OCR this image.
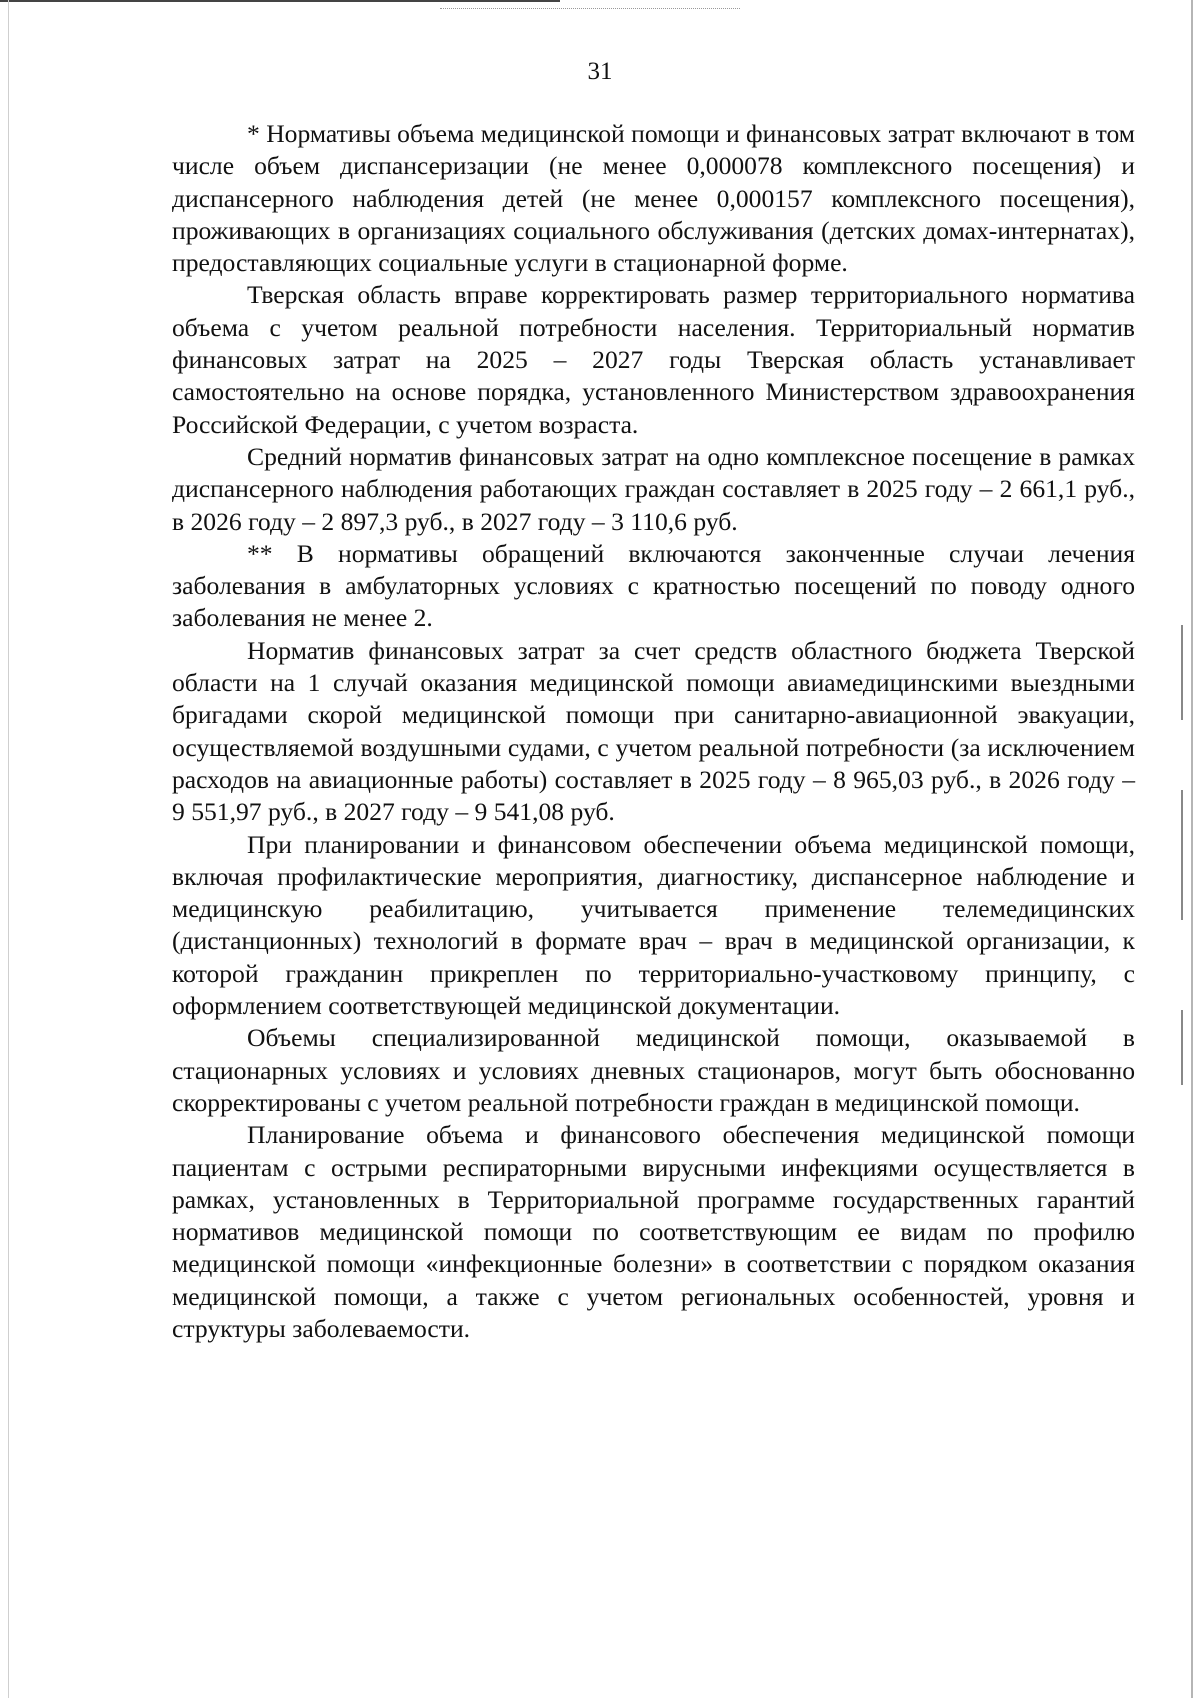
31

* Нормативы объема медицинской помощи и финансовых затрат включают в том числе объем диспансеризации (не менее 0,000078 комплексного посещения) и диспансерного наблюдения детей (не менее 0,000157 комплексного посещения), проживающих в организациях социального обслуживания (детских домах-интернатах), предоставляющих социальные услуги в стационарной форме.

Тверская область вправе корректировать размер территориального норматива объема с учетом реальной потребности населения. Территориальный норматив финансовых затрат на 2025 – 2027 годы Тверская область устанавливает самостоятельно на основе порядка, установленного Министерством здравоохранения Российской Федерации, с учетом возраста.

Средний норматив финансовых затрат на одно комплексное посещение в рамках диспансерного наблюдения работающих граждан составляет в 2025 году – 2 661,1 руб., в 2026 году – 2 897,3 руб., в 2027 году – 3 110,6 руб.

** В нормативы обращений включаются законченные случаи лечения заболевания в амбулаторных условиях с кратностью посещений по поводу одного заболевания не менее 2.

Норматив финансовых затрат за счет средств областного бюджета Тверской области на 1 случай оказания медицинской помощи авиамедицинскими выездными бригадами скорой медицинской помощи при санитарно-авиационной эвакуации, осуществляемой воздушными судами, с учетом реальной потребности (за исключением расходов на авиационные работы) составляет в 2025 году – 8 965,03 руб., в 2026 году – 9 551,97 руб., в 2027 году – 9 541,08 руб.

При планировании и финансовом обеспечении объема медицинской помощи, включая профилактические мероприятия, диагностику, диспансерное наблюдение и медицинскую реабилитацию, учитывается применение телемедицинских (дистанционных) технологий в формате врач – врач в медицинской организации, к которой гражданин прикреплен по территориально-участковому принципу, с оформлением соответствующей медицинской документации.

Объемы специализированной медицинской помощи, оказываемой в стационарных условиях и условиях дневных стационаров, могут быть обоснованно скорректированы с учетом реальной потребности граждан в медицинской помощи.

Планирование объема и финансового обеспечения медицинской помощи пациентам с острыми респираторными вирусными инфекциями осуществляется в рамках, установленных в Территориальной программе государственных гарантий нормативов медицинской помощи по соответствующим ее видам по профилю медицинской помощи «инфекционные болезни» в соответствии с порядком оказания медицинской помощи, а также с учетом региональных особенностей, уровня и структуры заболеваемости.
